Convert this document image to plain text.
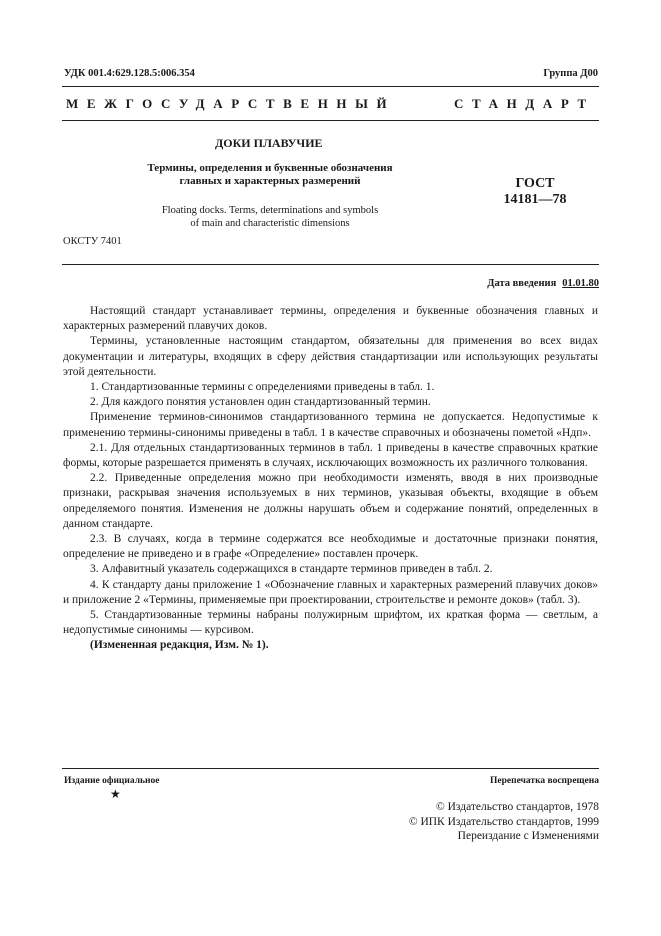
УДК 001.4:629.128.5:006.354	Группа Д00
МЕЖГОСУДАРСТВЕННЫЙ	СТАНДАРТ
ДОКИ ПЛАВУЧИЕ
Термины, определения и буквенные обозначения
главных и характерных размерений	ГОСТ
14181—78
Floating docks. Terms, determinations and symbols
of main and characteristic dimensions
ОКСТУ 7401
Дата введения 01.01.80

Настоящий стандарт устанавливает термины, определения и буквенные обозначения главных и характерных размерений плавучих доков.

Термины, установленные настоящим стандартом, обязательны для применения во всех видах документации и литературы, входящих в сферу действия стандартизации или использующих результаты этой деятельности.

1. Стандартизованные термины с определениями приведены в табл. 1.

2. Для каждого понятия установлен один стандартизованный термин.

Применение терминов-синонимов стандартизованного термина не допускается. Недопустимые к применению термины-синонимы приведены в табл. 1 в качестве справочных и обозначены пометой «Ндп».

2.1. Для отдельных стандартизованных терминов в табл. 1 приведены в качестве справочных краткие формы, которые разрешается применять в случаях, исключающих возможность их различного толкования.

2.2. Приведенные определения можно при необходимости изменять, вводя в них производные признаки, раскрывая значения используемых в них терминов, указывая объекты, входящие в объем определяемого понятия. Изменения не должны нарушать объем и содержание понятий, определенных в данном стандарте.

2.3. В случаях, когда в термине содержатся все необходимые и достаточные признаки понятия, определение не приведено и в графе «Определение» поставлен прочерк.

3. Алфавитный указатель содержащихся в стандарте терминов приведен в табл. 2.

4. К стандарту даны приложение 1 «Обозначение главных и характерных размерений плавучих доков» и приложение 2 «Термины, применяемые при проектировании, строительстве и ремонте доков» (табл. 3).

5. Стандартизованные термины набраны полужирным шрифтом, их краткая форма — светлым, а недопустимые синонимы — курсивом.

(Измененная редакция, Изм. № 1).

Издание официальное	Перепечатка воспрещена
★
© Издательство стандартов, 1978
© ИПК Издательство стандартов, 1999
Переиздание с Изменениями
